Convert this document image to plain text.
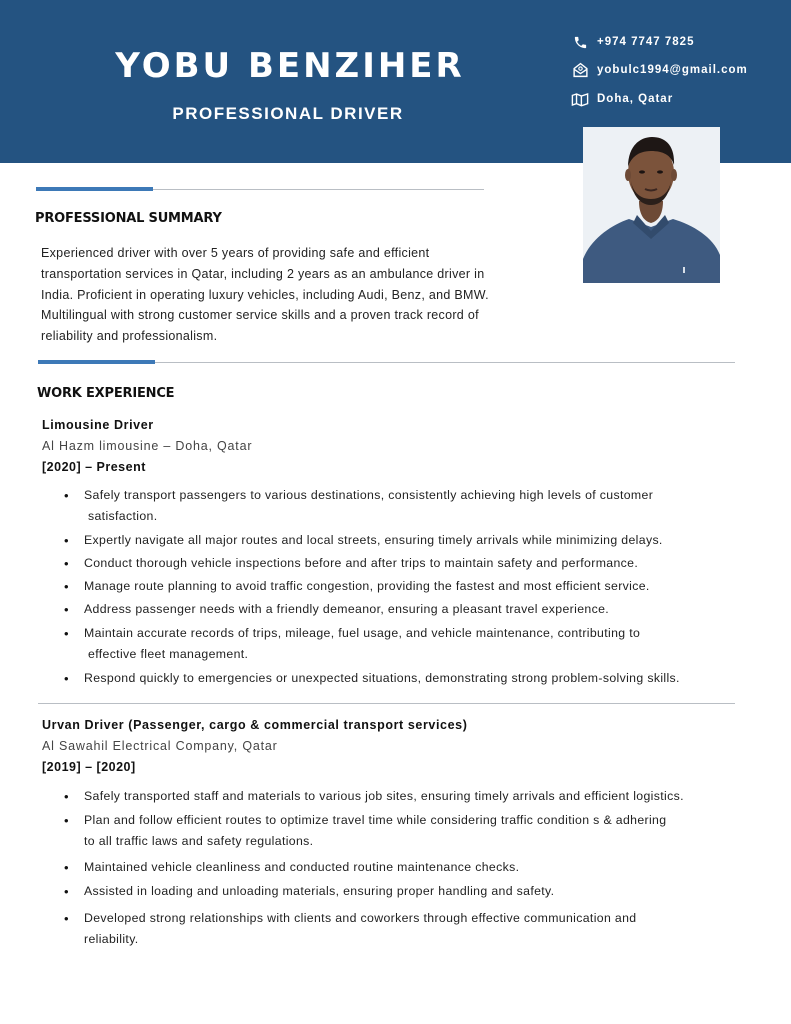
YOBU BENZIHER
PROFESSIONAL DRIVER
+974 7747 7825
yobulc1994@gmail.com
Doha, Qatar
PROFESSIONAL SUMMARY
Experienced driver with over 5 years of providing safe and efficient
transportation services in Qatar, including 2 years as an ambulance driver in
India. Proficient in operating luxury vehicles, including Audi, Benz, and BMW.
Multilingual with strong customer service skills and a proven track record of
reliability and professionalism.
WORK EXPERIENCE
Limousine Driver
Al Hazm limousine – Doha, Qatar
[2020] – Present
• Safely transport passengers to various destinations, consistently achieving high levels of customer
satisfaction.
• Expertly navigate all major routes and local streets, ensuring timely arrivals while minimizing delays.
• Conduct thorough vehicle inspections before and after trips to maintain safety and performance.
• Manage route planning to avoid traffic congestion, providing the fastest and most efficient service.
• Address passenger needs with a friendly demeanor, ensuring a pleasant travel experience.
• Maintain accurate records of trips, mileage, fuel usage, and vehicle maintenance, contributing to
effective fleet management.
• Respond quickly to emergencies or unexpected situations, demonstrating strong problem-solving skills.
Urvan Driver (Passenger, cargo & commercial transport services)
Al Sawahil Electrical Company, Qatar
[2019] – [2020]
• Safely transported staff and materials to various job sites, ensuring timely arrivals and efficient logistics.
• Plan and follow efficient routes to optimize travel time while considering traffic condition s & adhering
to all traffic laws and safety regulations.
• Maintained vehicle cleanliness and conducted routine maintenance checks.
• Assisted in loading and unloading materials, ensuring proper handling and safety.
• Developed strong relationships with clients and coworkers through effective communication and
reliability.
